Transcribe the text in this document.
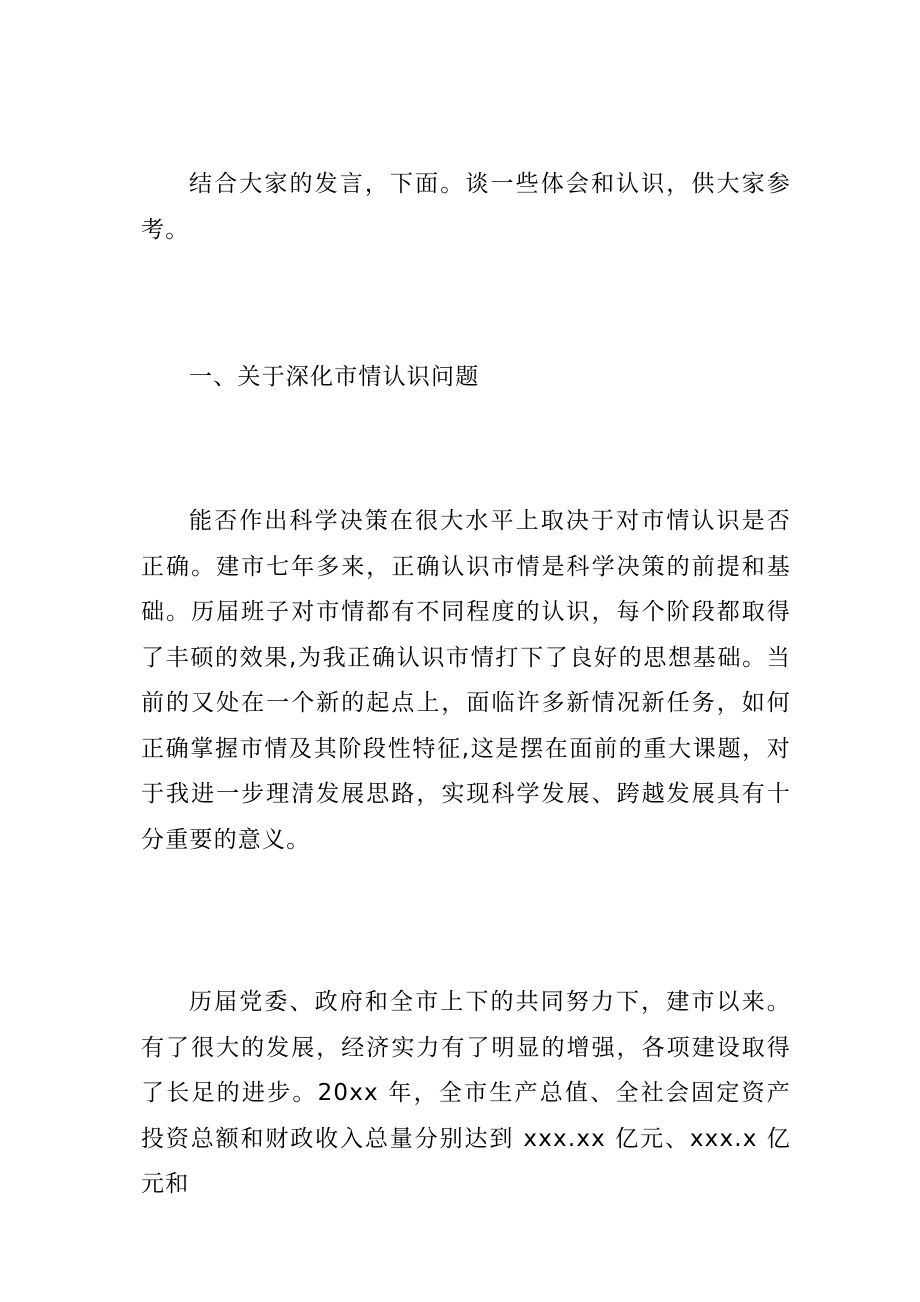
结合大家的发言，下面。谈一些体会和认识，供大家参考。

一、关于深化市情认识问题

能否作出科学决策在很大水平上取决于对市情认识是否正确。建市七年多来，正确认识市情是科学决策的前提和基础。历届班子对市情都有不同程度的认识，每个阶段都取得了丰硕的效果,为我正确认识市情打下了良好的思想基础。当前的又处在一个新的起点上，面临许多新情况新任务，如何正确掌握市情及其阶段性特征,这是摆在面前的重大课题，对于我进一步理清发展思路，实现科学发展、跨越发展具有十分重要的意义。

历届党委、政府和全市上下的共同努力下，建市以来。有了很大的发展，经济实力有了明显的增强，各项建设取得了长足的进步。20xx 年，全市生产总值、全社会固定资产投资总额和财政收入总量分别达到 xxx.xx 亿元、xxx.x 亿元和
